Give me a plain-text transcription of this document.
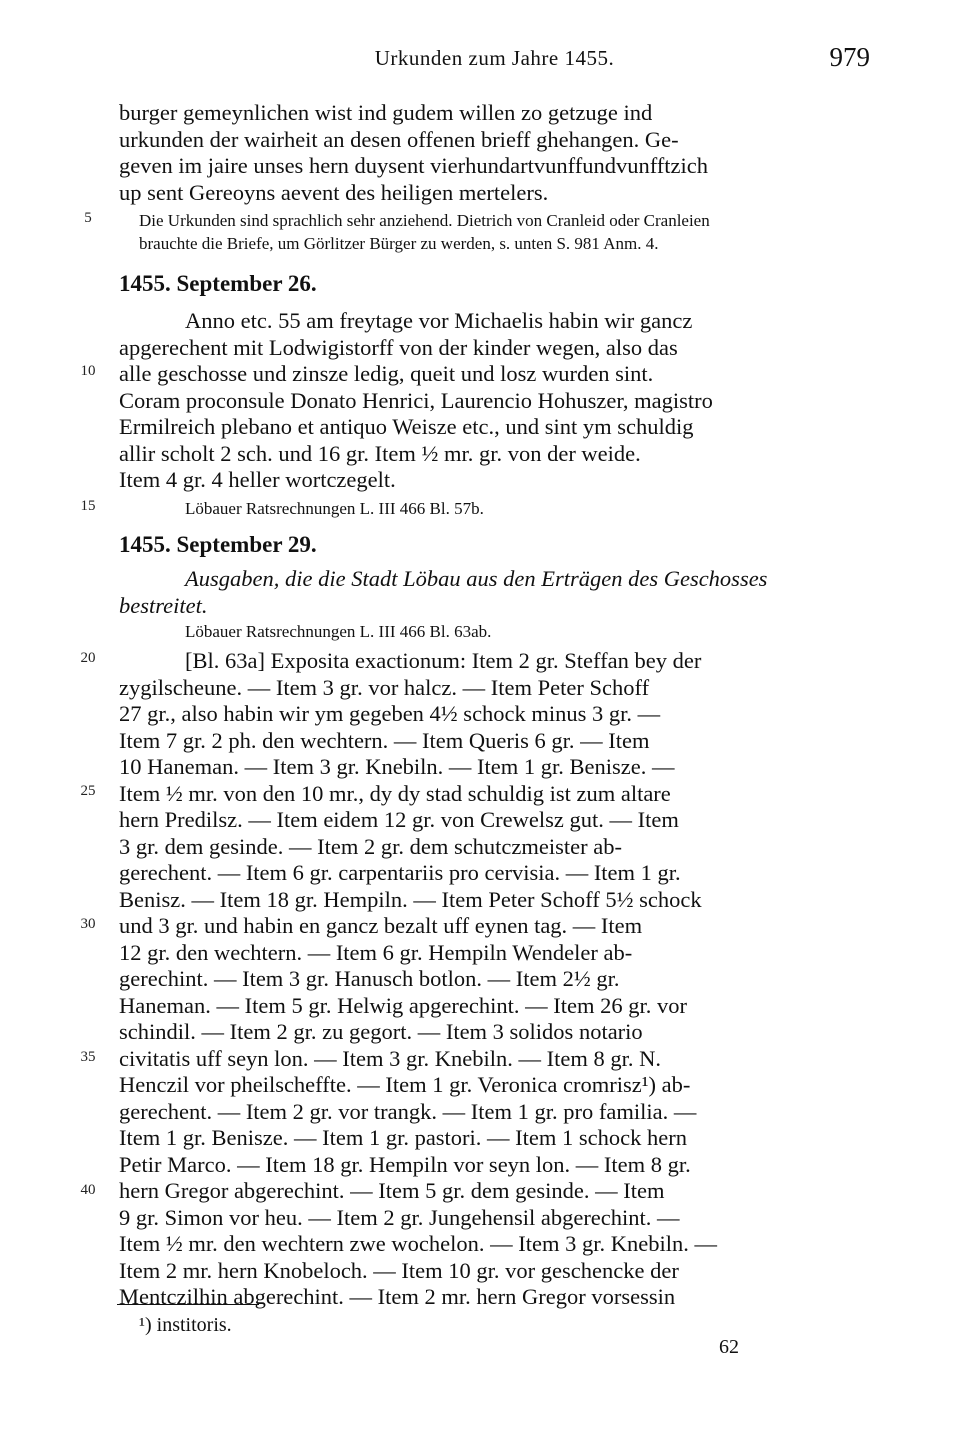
Urkunden zum Jahre 1455.	979
5
10
15
20
25
30
35
40
burger gemeynlichen wist ind gudem willen zo getzuge ind
urkunden der wairheit an desen offenen brieff ghehangen. Ge-
geven im jaire unses hern duysent vierhundartvunffundvunfftzich
up sent Gereoyns aevent des heiligen mertelers.
Die Urkunden sind sprachlich sehr anziehend. Dietrich von Cranleid oder Cranleien
brauchte die Briefe, um Görlitzer Bürger zu werden, s. unten S. 981 Anm. 4.
1455. September 26.
Anno etc. 55 am freytage vor Michaelis habin wir gancz
apgerechent mit Lodwigistorff von der kinder wegen, also das
alle geschosse und zinsze ledig, queit und losz wurden sint.
Coram proconsule Donato Henrici, Laurencio Hohuszer, magistro
Ermilreich plebano et antiquo Weisze etc., und sint ym schuldig
allir scholt 2 sch. und 16 gr. Item ½ mr. gr. von der weide.
Item 4 gr. 4 heller wortczegelt.
Löbauer Ratsrechnungen L. III 466 Bl. 57b.
1455. September 29.
Ausgaben, die die Stadt Löbau aus den Erträgen des Geschosses
bestreitet.
Löbauer Ratsrechnungen L. III 466 Bl. 63ab.
[Bl. 63a] Exposita exactionum: Item 2 gr. Steffan bey der
zygilscheune. — Item 3 gr. vor halcz. — Item Peter Schoff
27 gr., also habin wir ym gegeben 4½ schock minus 3 gr. —
Item 7 gr. 2 ph. den wechtern. — Item Queris 6 gr. — Item
10 Haneman. — Item 3 gr. Knebiln. — Item 1 gr. Benisze. —
Item ½ mr. von den 10 mr., dy dy stad schuldig ist zum altare
hern Predilsz. — Item eidem 12 gr. von Crewelsz gut. — Item
3 gr. dem gesinde. — Item 2 gr. dem schutczmeister ab-
gerechent. — Item 6 gr. carpentariis pro cervisia. — Item 1 gr.
Benisz. — Item 18 gr. Hempiln. — Item Peter Schoff 5½ schock
und 3 gr. und habin en gancz bezalt uff eynen tag. — Item
12 gr. den wechtern. — Item 6 gr. Hempiln Wendeler ab-
gerechint. — Item 3 gr. Hanusch botlon. — Item 2½ gr.
Haneman. — Item 5 gr. Helwig apgerechint. — Item 26 gr. vor
schindil. — Item 2 gr. zu gegort. — Item 3 solidos notario
civitatis uff seyn lon. — Item 3 gr. Knebiln. — Item 8 gr. N.
Henczil vor pheilscheffte. — Item 1 gr. Veronica cromrisz¹) ab-
gerechent. — Item 2 gr. vor trangk. — Item 1 gr. pro familia. —
Item 1 gr. Benisze. — Item 1 gr. pastori. — Item 1 schock hern
Petir Marco. — Item 18 gr. Hempiln vor seyn lon. — Item 8 gr.
hern Gregor abgerechint. — Item 5 gr. dem gesinde. — Item
9 gr. Simon vor heu. — Item 2 gr. Jungehensil abgerechint. —
Item ½ mr. den wechtern zwe wochelon. — Item 3 gr. Knebiln. —
Item 2 mr. hern Knobeloch. — Item 10 gr. vor geschencke der
Mentczilhin abgerechint. — Item 2 mr. hern Gregor vorsessin
¹) institoris.
62
